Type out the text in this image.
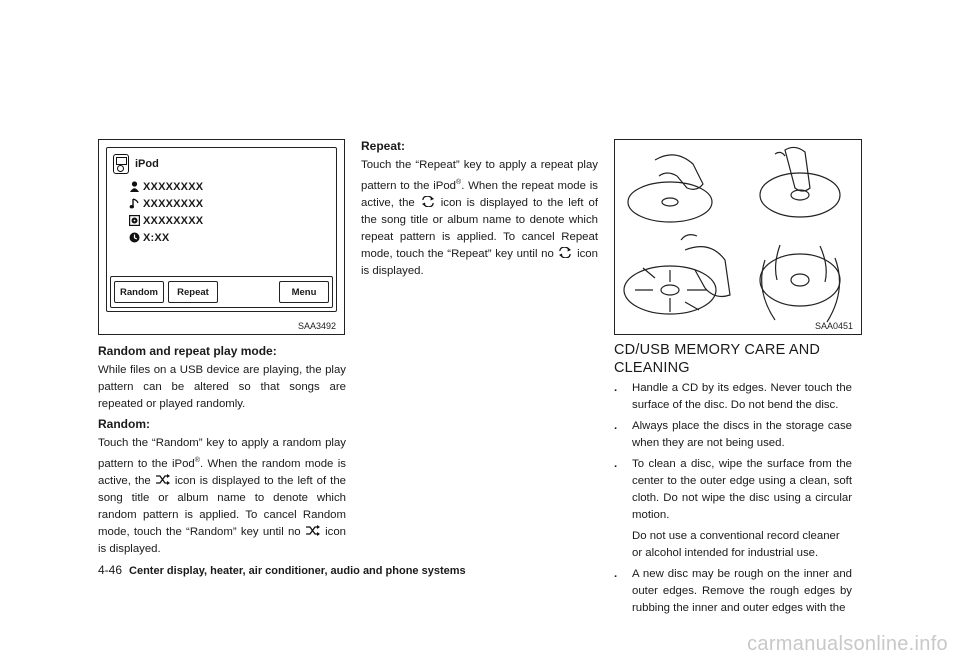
iPod
XXXXXXXX
XXXXXXXX
XXXXXXXX
X:XX
Random	Repeat	Menu
SAA3492
Random and repeat play mode:

While files on a USB device are playing, the play pattern can be altered so that songs are repeated or played randomly.

Random:

Touch the “Random” key to apply a random play pattern to the iPod®. When the random mode is active, the icon is displayed to the left of the song title or album name to denote which random pattern is applied. To cancel Random mode, touch the “Random” key until no icon is displayed.

Repeat:

Touch the “Repeat” key to apply a repeat play pattern to the iPod®. When the repeat mode is active, the icon is displayed to the left of the song title or album name to denote which repeat pattern is applied. To cancel Repeat mode, touch the “Repeat” key until no icon is displayed.

SAA0451
CD/USB MEMORY CARE AND
CLEANING
. Handle a CD by its edges. Never touch the surface of the disc. Do not bend the disc.
. Always place the discs in the storage case when they are not being used.
. To clean a disc, wipe the surface from the center to the outer edge using a clean, soft cloth. Do not wipe the disc using a circular motion.
Do not use a conventional record cleaner or alcohol intended for industrial use.
. A new disc may be rough on the inner and outer edges. Remove the rough edges by rubbing the inner and outer edges with the
4-46 Center display, heater, air conditioner, audio and phone systems
carmanualsonline.info
